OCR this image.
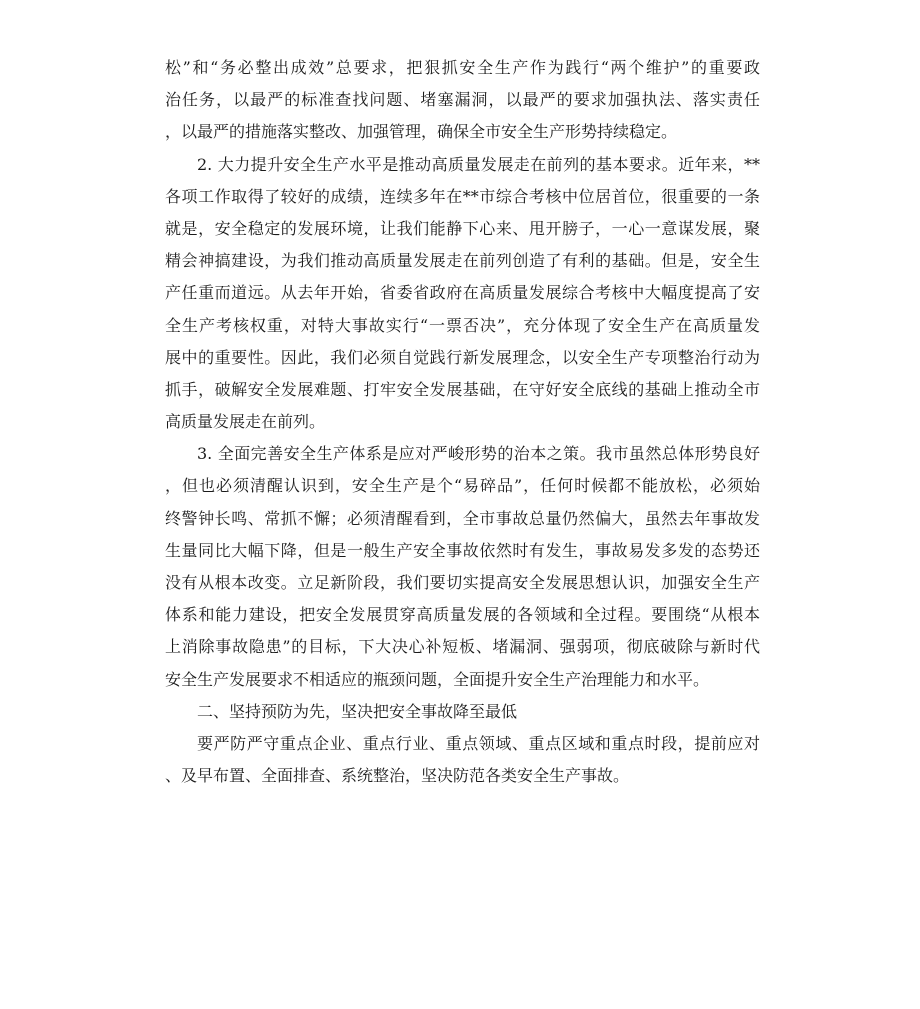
松”和“务必整出成效”总要求，把狠抓安全生产作为践行“两个维护”的重要政
治任务，以最严的标准查找问题、堵塞漏洞，以最严的要求加强执法、落实责任
，以最严的措施落实整改、加强管理，确保全市安全生产形势持续稳定。
2. 大力提升安全生产水平是推动高质量发展走在前列的基本要求。近年来，**
各项工作取得了较好的成绩，连续多年在**市综合考核中位居首位，很重要的一条
就是，安全稳定的发展环境，让我们能静下心来、甩开膀子，一心一意谋发展，聚
精会神搞建设，为我们推动高质量发展走在前列创造了有利的基础。但是，安全生
产任重而道远。从去年开始，省委省政府在高质量发展综合考核中大幅度提高了安
全生产考核权重，对特大事故实行“一票否决”，充分体现了安全生产在高质量发
展中的重要性。因此，我们必须自觉践行新发展理念，以安全生产专项整治行动为
抓手，破解安全发展难题、打牢安全发展基础，在守好安全底线的基础上推动全市
高质量发展走在前列。
3. 全面完善安全生产体系是应对严峻形势的治本之策。我市虽然总体形势良好
，但也必须清醒认识到，安全生产是个“易碎品”，任何时候都不能放松，必须始
终警钟长鸣、常抓不懈；必须清醒看到，全市事故总量仍然偏大，虽然去年事故发
生量同比大幅下降，但是一般生产安全事故依然时有发生，事故易发多发的态势还
没有从根本改变。立足新阶段，我们要切实提高安全发展思想认识，加强安全生产
体系和能力建设，把安全发展贯穿高质量发展的各领域和全过程。要围绕“从根本
上消除事故隐患”的目标，下大决心补短板、堵漏洞、强弱项，彻底破除与新时代
安全生产发展要求不相适应的瓶颈问题，全面提升安全生产治理能力和水平。
二、坚持预防为先，坚决把安全事故降至最低
要严防严守重点企业、重点行业、重点领域、重点区域和重点时段，提前应对
、及早布置、全面排查、系统整治，坚决防范各类安全生产事故。
